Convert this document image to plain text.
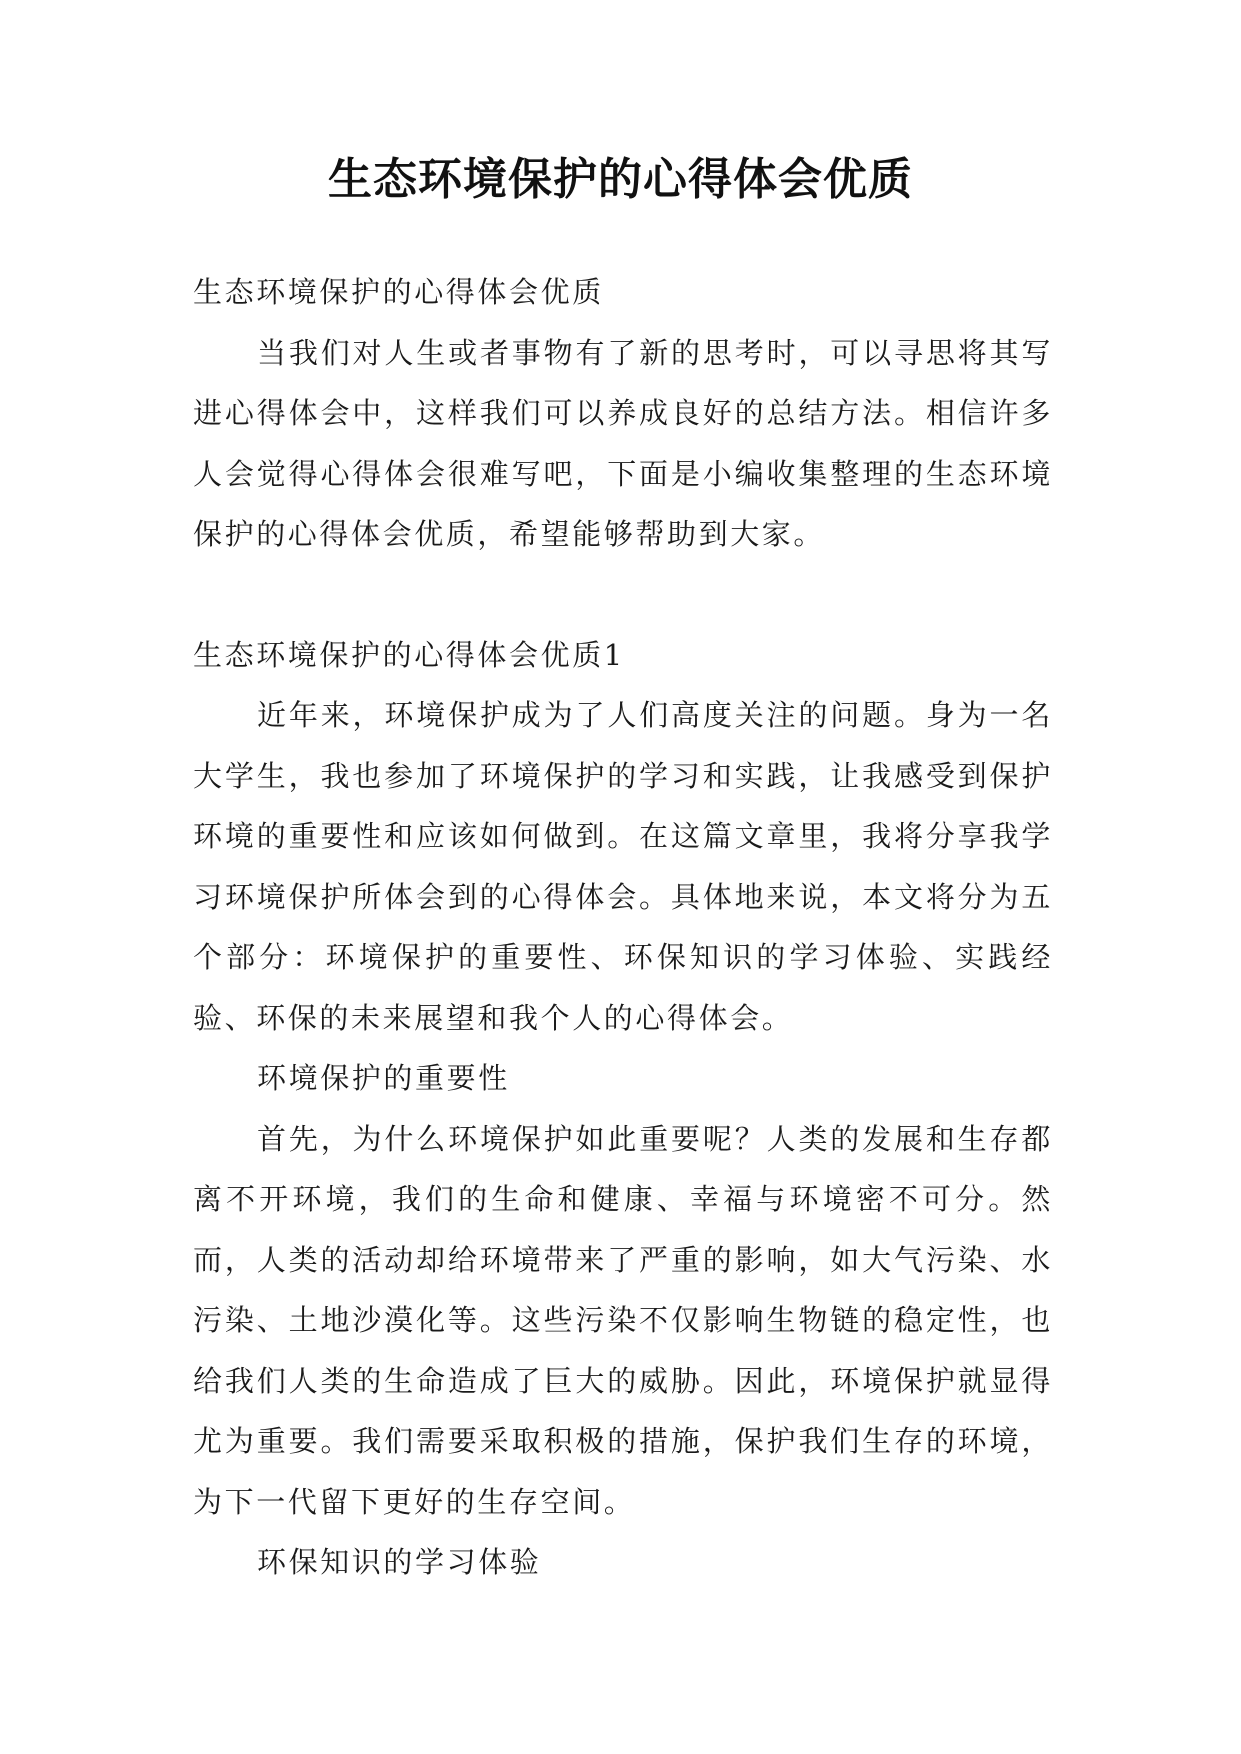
生态环境保护的心得体会优质

生态环境保护的心得体会优质

当我们对人生或者事物有了新的思考时，可以寻思将其写进心得体会中，这样我们可以养成良好的总结方法。相信许多人会觉得心得体会很难写吧，下面是小编收集整理的生态环境保护的心得体会优质，希望能够帮助到大家。

生态环境保护的心得体会优质1

近年来，环境保护成为了人们高度关注的问题。身为一名大学生，我也参加了环境保护的学习和实践，让我感受到保护环境的重要性和应该如何做到。在这篇文章里，我将分享我学习环境保护所体会到的心得体会。具体地来说，本文将分为五个部分：环境保护的重要性、环保知识的学习体验、实践经验、环保的未来展望和我个人的心得体会。

环境保护的重要性

首先，为什么环境保护如此重要呢？人类的发展和生存都离不开环境，我们的生命和健康、幸福与环境密不可分。然而，人类的活动却给环境带来了严重的影响，如大气污染、水污染、土地沙漠化等。这些污染不仅影响生物链的稳定性，也给我们人类的生命造成了巨大的威胁。因此，环境保护就显得尤为重要。我们需要采取积极的措施，保护我们生存的环境，为下一代留下更好的生存空间。

环保知识的学习体验
